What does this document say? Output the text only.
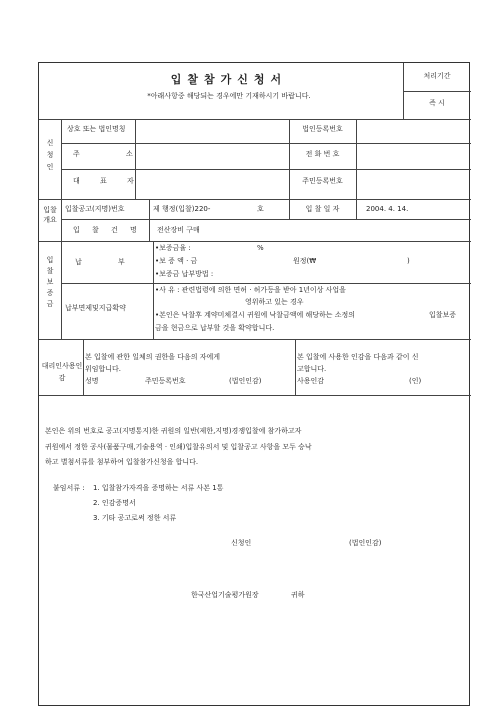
입찰참가신청서
*아래사항중 해당되는 경우에만 기재하시기 바랍니다.
처리기간
즉 시
신청인
상호 또는 법인명칭	법인등록번호
주 소	전 화 번 호
대 표 자	주민등록번호
입찰개요
입찰공고(지명)번호	제 행정(입찰)220-	호	입 찰 일 자	2004. 4. 14.
입 찰 건 명	전산장비 구매
입찰보증금
납 부
•보증금율 :	%
•보 증 액 · 금	원정(₩	)
•보증금 납부방법 :
납부면제및지급확약
•사 유 : 관련법령에 의한 면허 · 허가등을 받아 1년이상 사업을
영위하고 있는 경우
•본인은 낙찰후 계약미체결시 귀원에 낙찰금액에 해당하는 소정의	입찰보증
금을 현금으로 납부할 것을 확약합니다.
대리인사용인감
본 입찰에 관한 일체의 권한을 다음의 자에게
위임합니다.
성명	주민등록번호	(법인인감)
본 입찰에 사용한 인감을 다음과 같이 신
고합니다.
사용인감	(인)
본인은 위의 번호로 공고(지명통지)한 귀원의 일반(제한,지명)경쟁입찰에 참가하고자
귀원에서 정한 공사(물품구매,기술용역 · 인쇄)입찰유의서 및 입찰공고 사항을 모두 승낙
하고 별첨서류를 첨부하여 입찰참가신청을 합니다.
붙임서류 : 1. 입찰참가자격을 증명하는 서류 사본 1통
2. 인감증명서
3. 기타 공고로써 정한 서류
신청인	(법인인감)
한국산업기술평가원장	귀하
